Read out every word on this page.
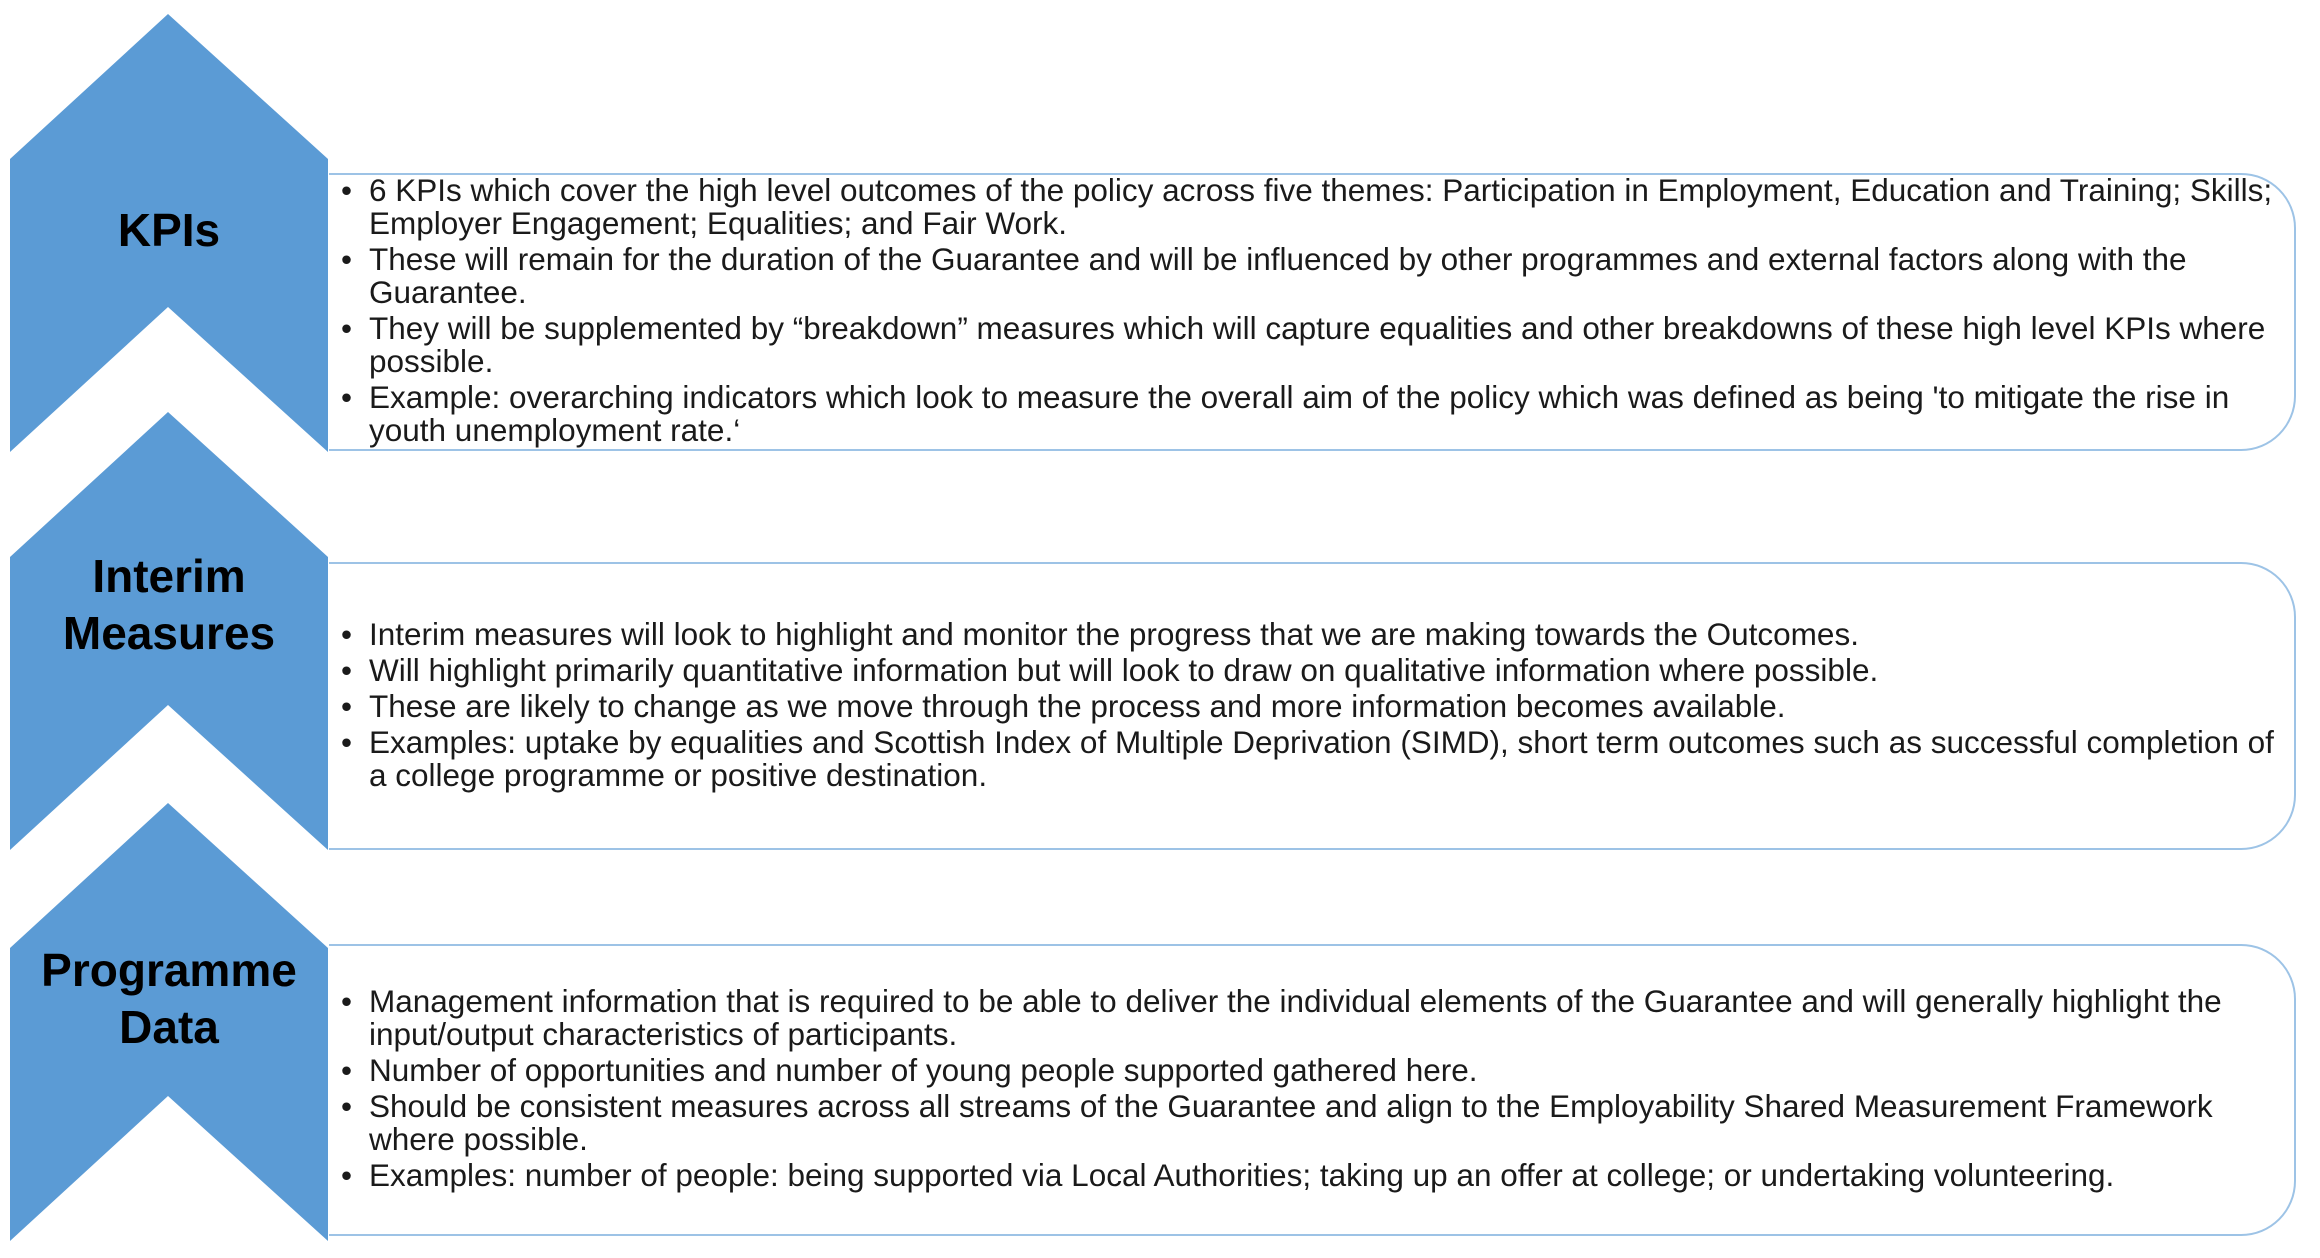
• 6 KPIs which cover the high level outcomes of the policy across five themes: Participation in Employment, Education and Training; Skills; Employer Engagement; Equalities; and Fair Work.
• These will remain for the duration of the Guarantee and will be influenced by other programmes and external factors along with the Guarantee.
• They will be supplemented by “breakdown” measures which will capture equalities and other breakdowns of these high level KPIs where possible.
• Example: overarching indicators which look to measure the overall aim of the policy which was defined as being 'to mitigate the rise in youth unemployment rate.‘
• Interim measures will look to highlight and monitor the progress that we are making towards the Outcomes.
• Will highlight primarily quantitative information but will look to draw on qualitative information where possible.
• These are likely to change as we move through the process and more information becomes available.
• Examples: uptake by equalities and Scottish Index of Multiple Deprivation (SIMD), short term outcomes such as successful completion of a college programme or positive destination.
• Management information that is required to be able to deliver the individual elements of the Guarantee and will generally highlight the input/output characteristics of participants.
• Number of opportunities and number of young people supported gathered here.
• Should be consistent measures across all streams of the Guarantee and align to the Employability Shared Measurement Framework where possible.
• Examples: number of people: being supported via Local Authorities; taking up an offer at college; or undertaking volunteering.
KPIs
Interim
Measures
Programme
Data
